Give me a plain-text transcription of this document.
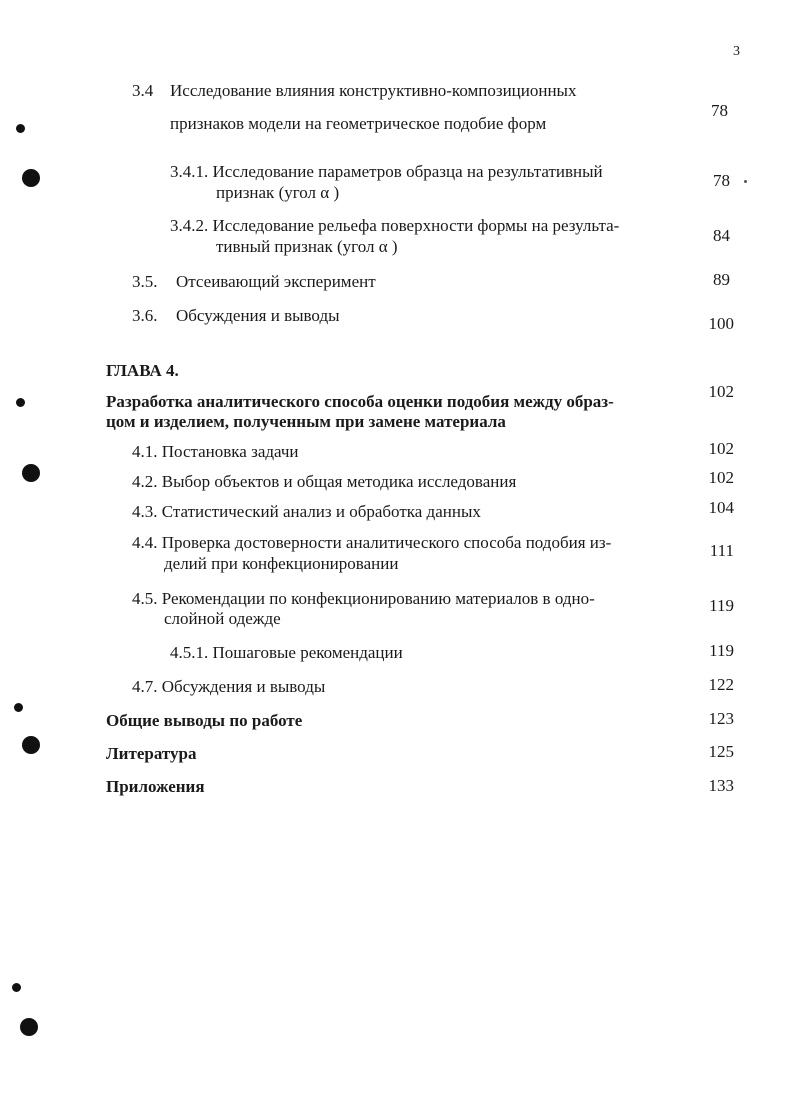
3
3.4 Исследование влияния конструктивно-композиционных
признаков модели на геометрическое подобие форм
78
3.4.1. Исследование параметров образца на результативный
признак (угол α )
78
3.4.2. Исследование рельефа поверхности формы на результа-
тивный признак (угол α )
84
3.5. Отсеивающий эксперимент	89
3.6. Обсуждения и выводы	100
ГЛАВА 4.
Разработка аналитического способа оценки подобия между образ-
цом и изделием, полученным при замене материала
102
4.1. Постановка задачи	102
4.2. Выбор объектов и общая методика исследования	102
4.3. Статистический анализ и обработка данных	104
4.4. Проверка достоверности аналитического способа подобия из-
делий при конфекционировании
111
4.5. Рекомендации по конфекционированию материалов в одно-
слойной одежде
119
4.5.1. Пошаговые рекомендации	119
4.7. Обсуждения и выводы	122
Общие выводы по работе	123
Литература	125
Приложения	133
